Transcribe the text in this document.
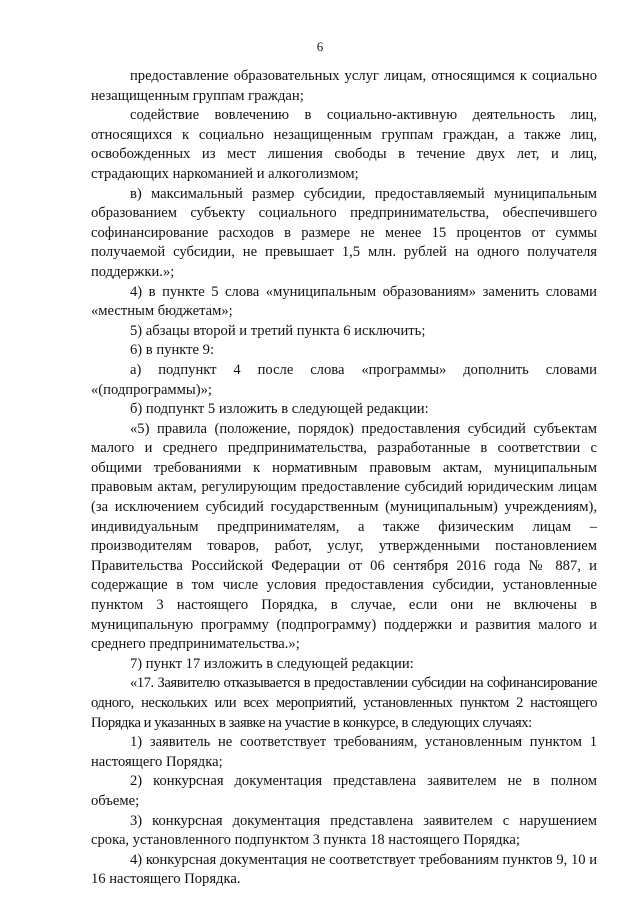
6

предоставление образовательных услуг лицам, относящимся к социально незащищенным группам граждан;

содействие вовлечению в социально-активную деятельность лиц, относящихся к социально незащищенным группам граждан, а также лиц, освобожденных из мест лишения свободы в течение двух лет, и лиц, страдающих наркоманией и алкоголизмом;

в) максимальный размер субсидии, предоставляемый муниципальным образованием субъекту социального предпринимательства, обеспечившего софинансирование расходов в размере не менее 15 процентов от суммы получаемой субсидии, не превышает 1,5 млн. рублей на одного получателя поддержки.»;

4) в пункте 5 слова «муниципальным образованиям» заменить словами «местным бюджетам»;

5) абзацы второй и третий пункта 6 исключить;

6) в пункте 9:

а) подпункт 4 после слова «программы» дополнить словами «(подпрограммы)»;

б) подпункт 5 изложить в следующей редакции:

«5) правила (положение, порядок) предоставления субсидий субъектам малого и среднего предпринимательства, разработанные в соответствии с общими требованиями к нормативным правовым актам, муниципальным правовым актам, регулирующим предоставление субсидий юридическим лицам (за исключением субсидий государственным (муниципальным) учреждениям), индивидуальным предпринимателям, а также физическим лицам – производителям товаров, работ, услуг, утвержденными постановлением Правительства Российской Федерации от 06 сентября 2016 года № 887, и содержащие в том числе условия предоставления субсидии, установленные пунктом 3 настоящего Порядка, в случае, если они не включены в муниципальную программу (подпрограмму) поддержки и развития малого и среднего предпринимательства.»;

7) пункт 17 изложить в следующей редакции:

«17. Заявителю отказывается в предоставлении субсидии на софинансирование одного, нескольких или всех мероприятий, установленных пунктом 2 настоящего Порядка и указанных в заявке на участие в конкурсе, в следующих случаях:

1) заявитель не соответствует требованиям, установленным пунктом 1 настоящего Порядка;

2) конкурсная документация представлена заявителем не в полном объеме;

3) конкурсная документация представлена заявителем с нарушением срока, установленного подпунктом 3 пункта 18 настоящего Порядка;

4) конкурсная документация не соответствует требованиям пунктов 9, 10 и 16 настоящего Порядка.
